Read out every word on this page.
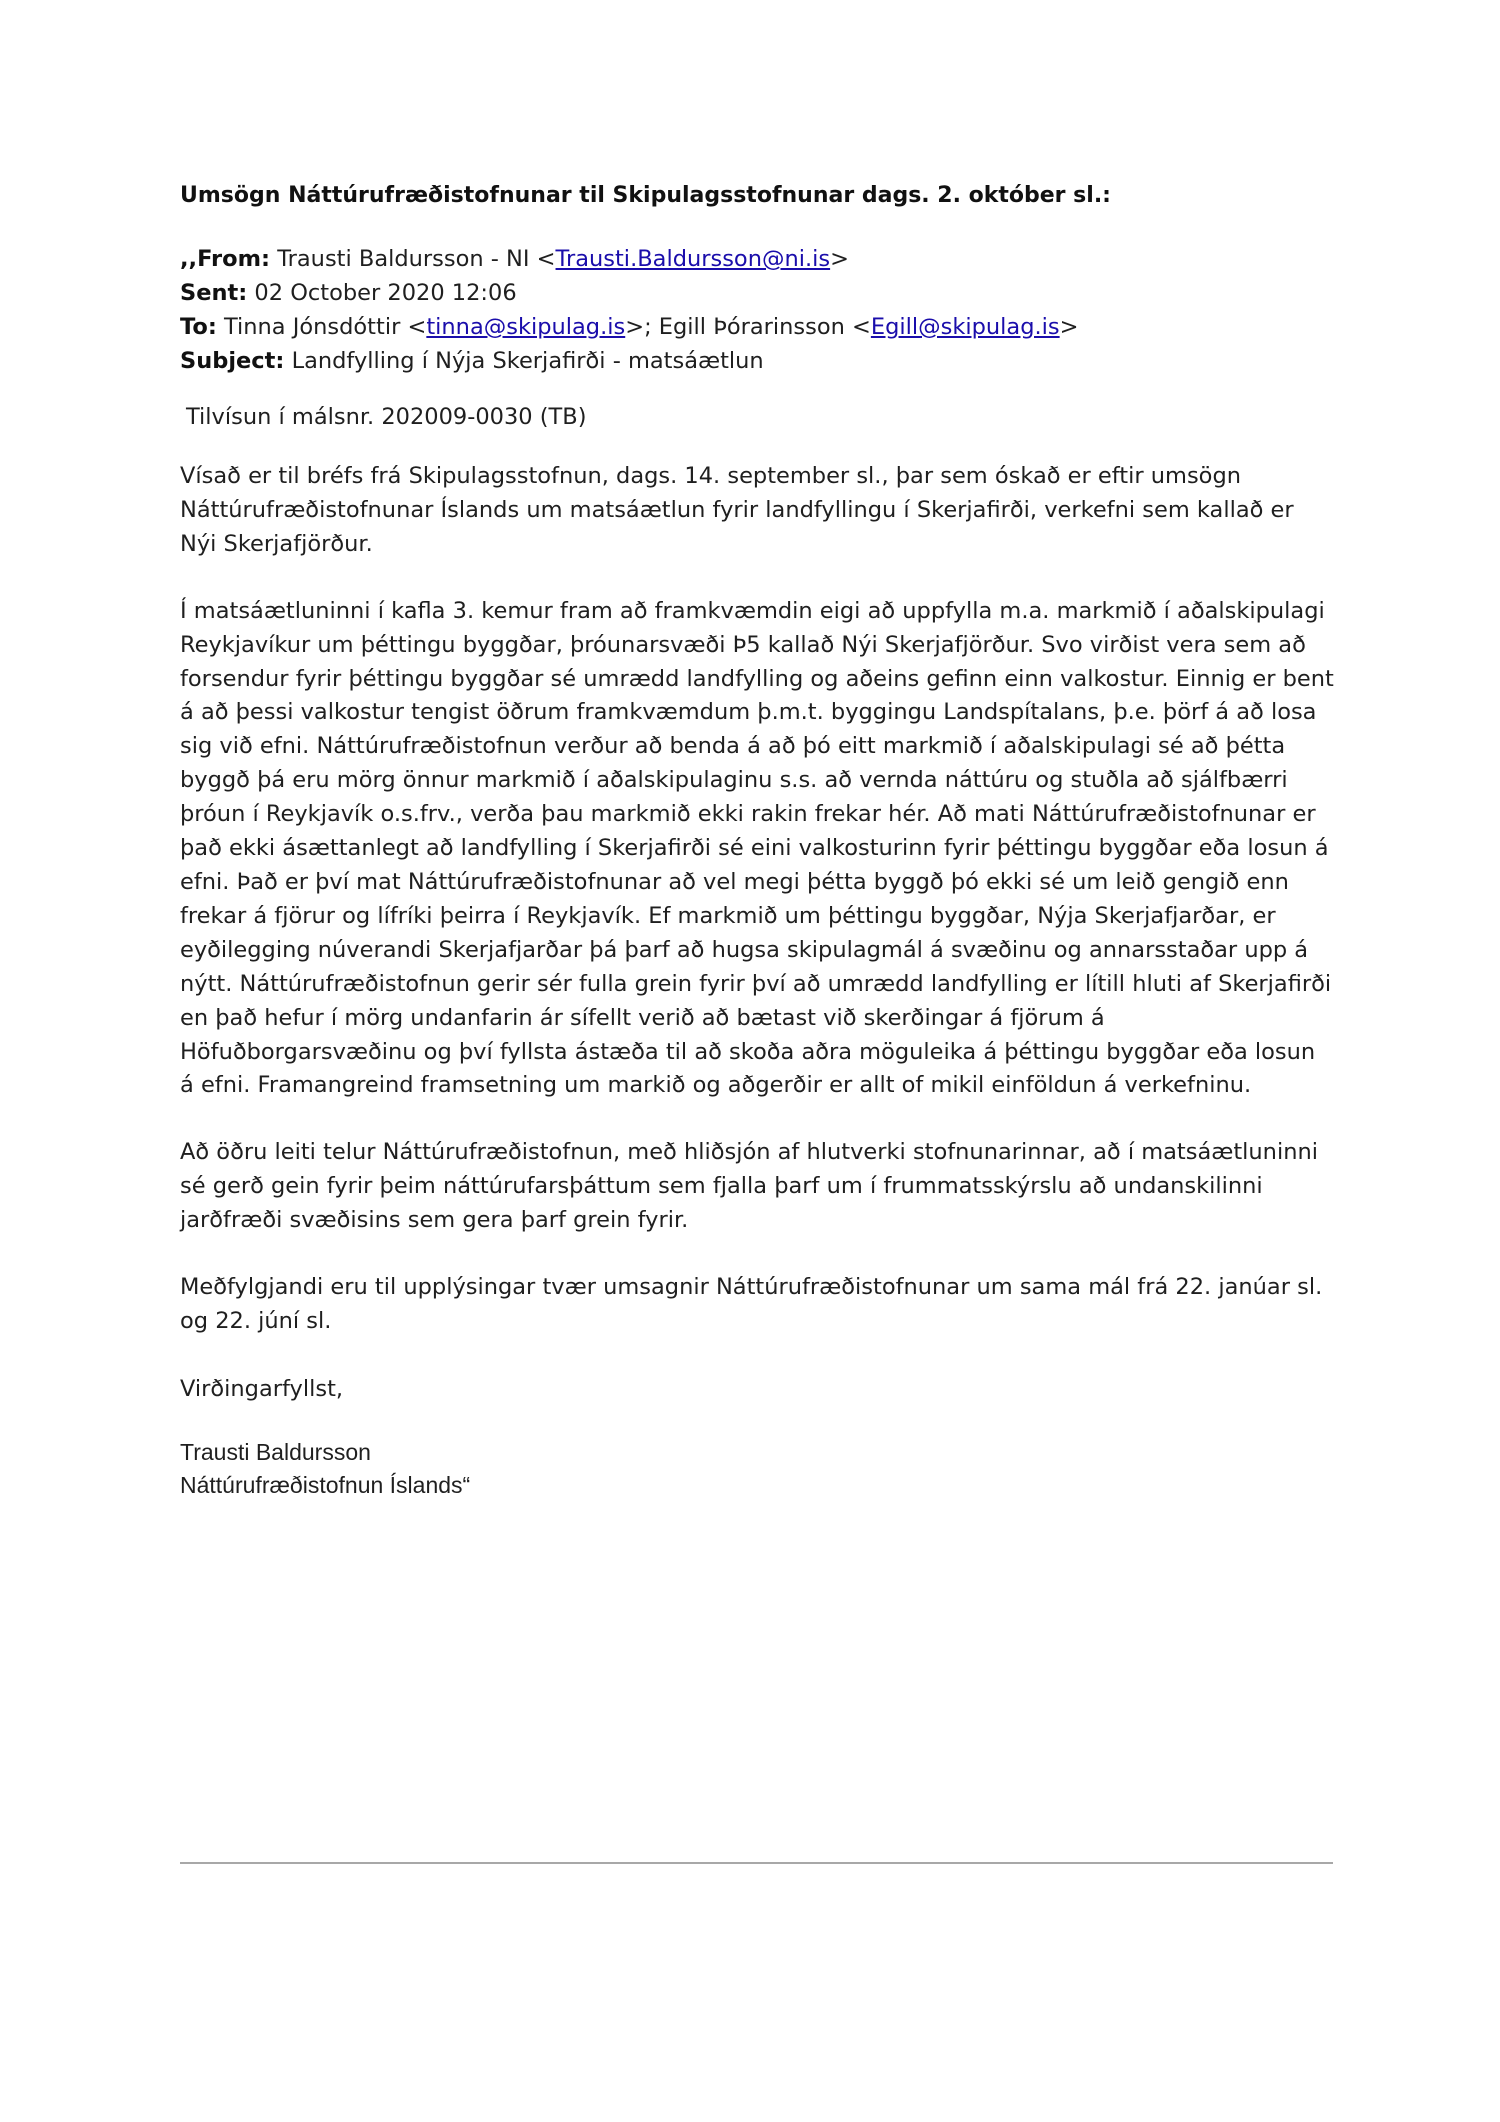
Umsögn Náttúrufræðistofnunar til Skipulagsstofnunar dags. 2. október sl.:
,,From: Trausti Baldursson - NI <Trausti.Baldursson@ni.is>
Sent: 02 October 2020 12:06
To: Tinna Jónsdóttir <tinna@skipulag.is>; Egill Þórarinsson <Egill@skipulag.is>
Subject: Landfylling í Nýja Skerjafirði - matsáætlun
Tilvísun í málsnr. 202009-0030 (TB)

Vísað er til bréfs frá Skipulagsstofnun, dags. 14. september sl., þar sem óskað er eftir umsögn Náttúrufræðistofnunar Íslands um matsáætlun fyrir landfyllingu í Skerjafirði, verkefni sem kallað er Nýi Skerjafjörður.

Í matsáætluninni í kafla 3. kemur fram að framkvæmdin eigi að uppfylla m.a. markmið í aðalskipulagi Reykjavíkur um þéttingu byggðar, þróunarsvæði Þ5 kallað Nýi Skerjafjörður. Svo virðist vera sem að forsendur fyrir þéttingu byggðar sé umrædd landfylling og aðeins gefinn einn valkostur. Einnig er bent á að þessi valkostur tengist öðrum framkvæmdum þ.m.t. byggingu Landspítalans, þ.e. þörf á að losa sig við efni. Náttúrufræðistofnun verður að benda á að þó eitt markmið í aðalskipulagi sé að þétta byggð þá eru mörg önnur markmið í aðalskipulaginu s.s. að vernda náttúru og stuðla að sjálfbærri þróun í Reykjavík o.s.frv., verða þau markmið ekki rakin frekar hér. Að mati Náttúrufræðistofnunar er það ekki ásættanlegt að landfylling í Skerjafirði sé eini valkosturinn fyrir þéttingu byggðar eða losun á efni. Það er því mat Náttúrufræðistofnunar að vel megi þétta byggð þó ekki sé um leið gengið enn frekar á fjörur og lífríki þeirra í Reykjavík. Ef markmið um þéttingu byggðar, Nýja Skerjafjarðar, er eyðilegging núverandi Skerjafjarðar þá þarf að hugsa skipulagmál á svæðinu og annarsstaðar upp á nýtt. Náttúrufræðistofnun gerir sér fulla grein fyrir því að umrædd landfylling er lítill hluti af Skerjafirði en það hefur í mörg undanfarin ár sífellt verið að bætast við skerðingar á fjörum á Höfuðborgarsvæðinu og því fyllsta ástæða til að skoða aðra möguleika á þéttingu byggðar eða losun á efni. Framangreind framsetning um markið og aðgerðir er allt of mikil einföldun á verkefninu.

Að öðru leiti telur Náttúrufræðistofnun, með hliðsjón af hlutverki stofnunarinnar, að í matsáætluninni sé gerð gein fyrir þeim náttúrufarsþáttum sem fjalla þarf um í frummatsskýrslu að undanskilinni jarðfræði svæðisins sem gera þarf grein fyrir.

Meðfylgjandi eru til upplýsingar tvær umsagnir Náttúrufræðistofnunar um sama mál frá 22. janúar sl. og 22. júní sl.

Virðingarfyllst,
Trausti Baldursson
Náttúrufræðistofnun Íslands“
